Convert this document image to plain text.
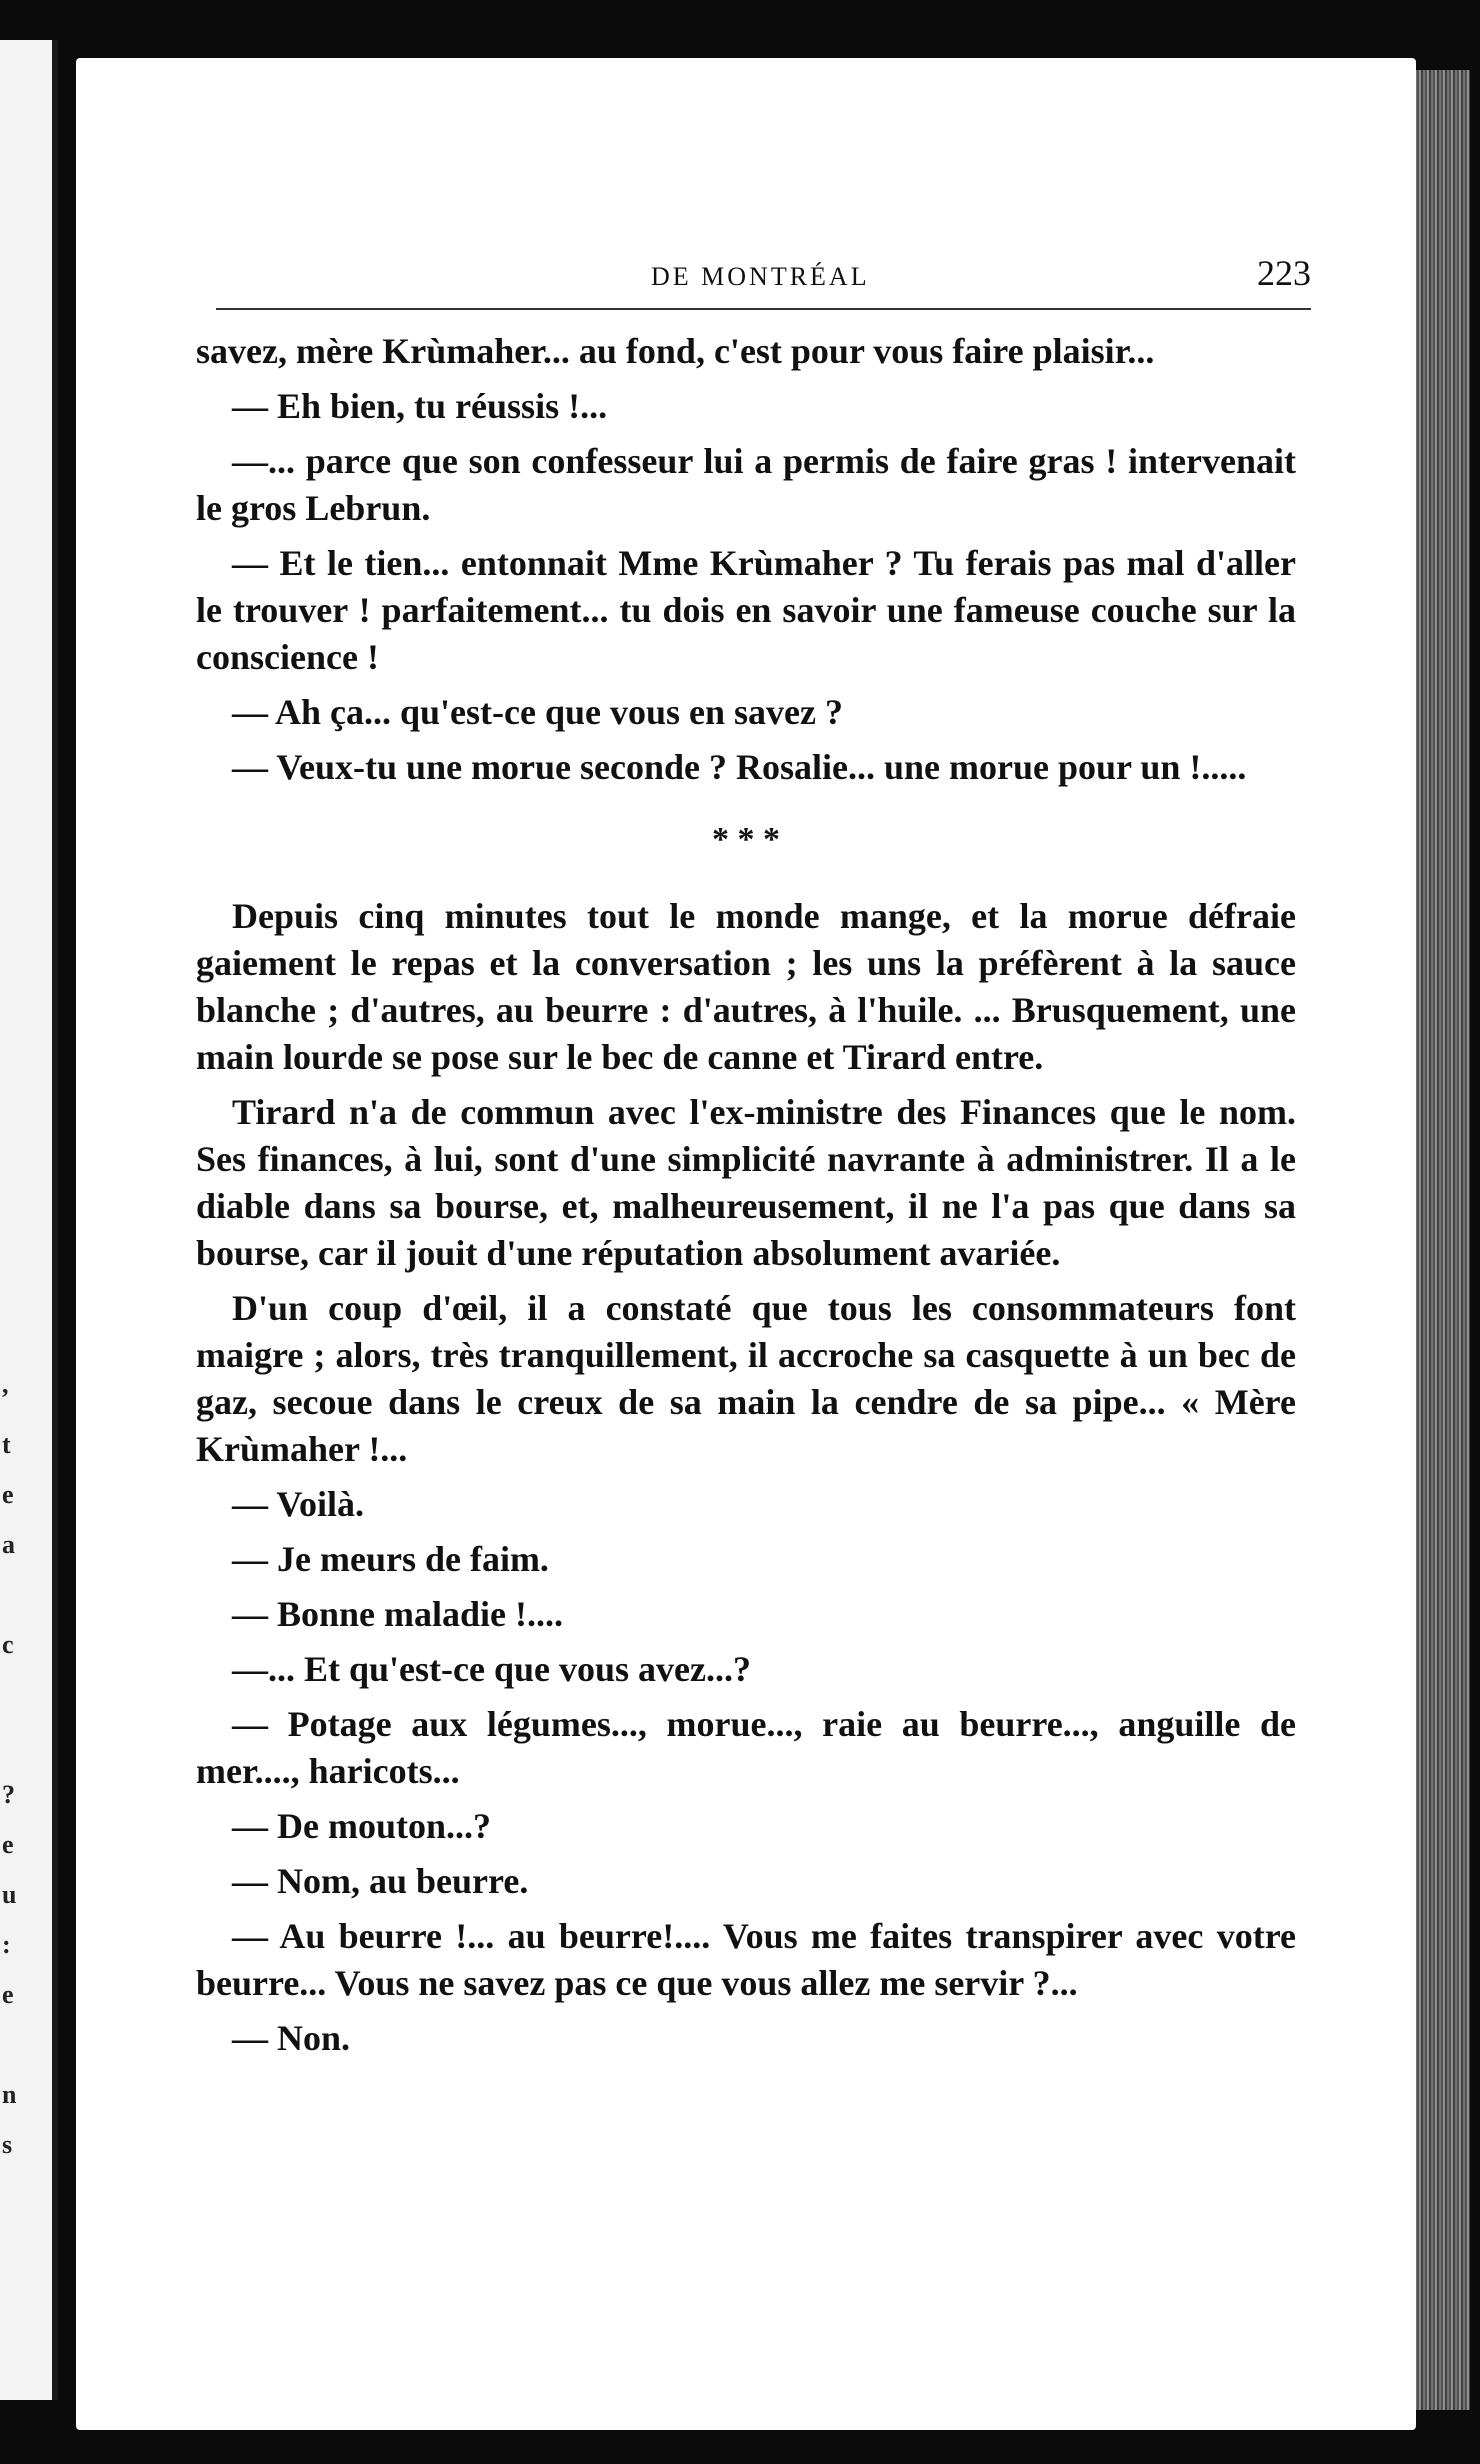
,
t
e
a
c
?
e
u
:
e
n
s
DE MONTRÉAL	223

savez, mère Krùmaher... au fond, c'est pour vous faire plaisir...

— Eh bien, tu réussis !...

—... parce que son confesseur lui a permis de faire gras ! intervenait le gros Lebrun.

— Et le tien... entonnait Mme Krùmaher ? Tu ferais pas mal d'aller le trouver ! parfaitement... tu dois en savoir une fameuse couche sur la conscience !

— Ah ça... qu'est-ce que vous en savez ?

— Veux-tu une morue seconde ? Rosalie... une morue pour un !.....

* * *

Depuis cinq minutes tout le monde mange, et la morue défraie gaiement le repas et la conversation ; les uns la préfèrent à la sauce blanche ; d'autres, au beurre : d'autres, à l'huile. ... Brusquement, une main lourde se pose sur le bec de canne et Tirard entre.

Tirard n'a de commun avec l'ex-ministre des Finances que le nom. Ses finances, à lui, sont d'une simplicité navrante à administrer. Il a le diable dans sa bourse, et, malheureusement, il ne l'a pas que dans sa bourse, car il jouit d'une réputation absolument avariée.

D'un coup d'œil, il a constaté que tous les consommateurs font maigre ; alors, très tranquillement, il accroche sa casquette à un bec de gaz, secoue dans le creux de sa main la cendre de sa pipe... « Mère Krùmaher !...

— Voilà.

— Je meurs de faim.

— Bonne maladie !....

—... Et qu'est-ce que vous avez...?

— Potage aux légumes..., morue..., raie au beurre..., anguille de mer...., haricots...

— De mouton...?

— Nom, au beurre.

— Au beurre !... au beurre!.... Vous me faites transpirer avec votre beurre... Vous ne savez pas ce que vous allez me servir ?...

— Non.
